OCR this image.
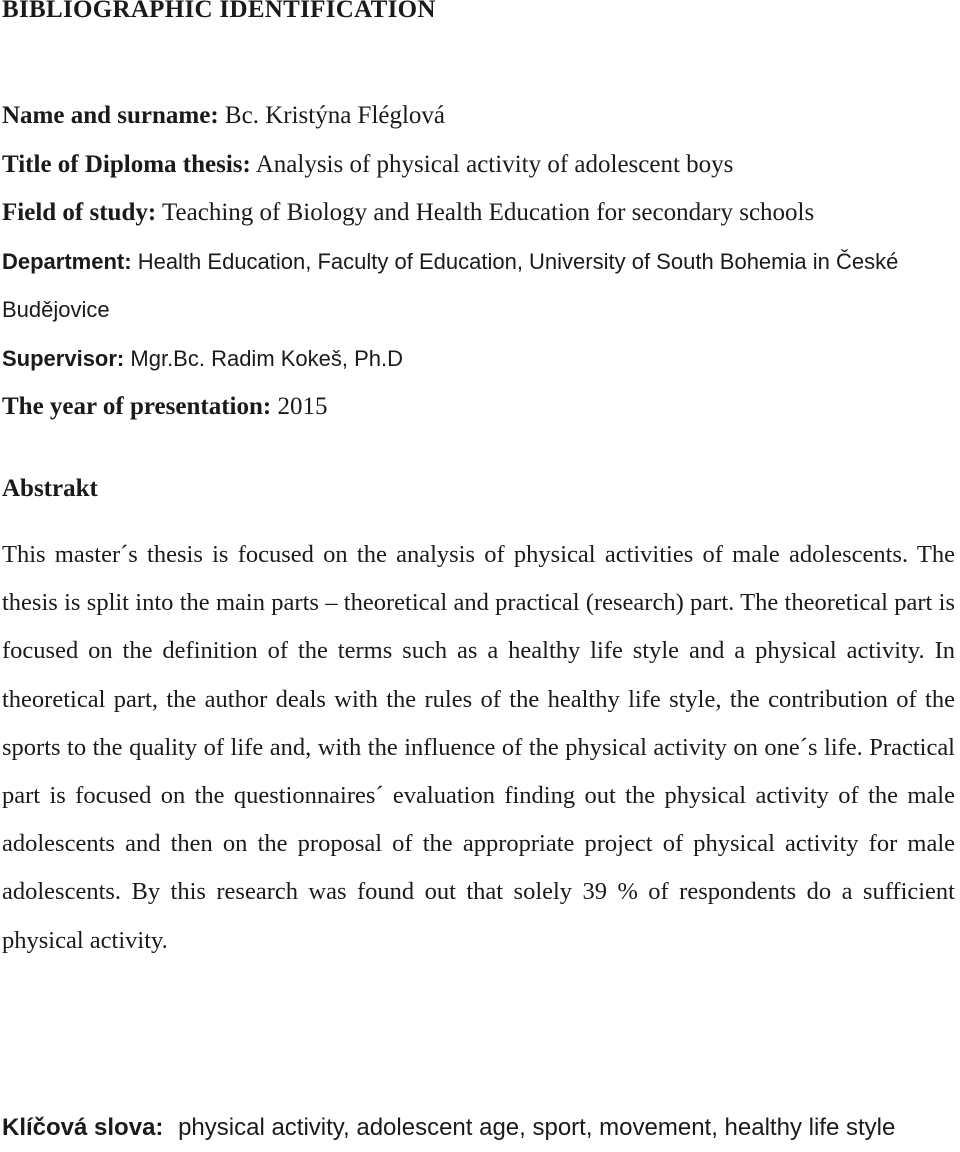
BIBLIOGRAPHIC IDENTIFICATION
Name and surname: Bc. Kristýna Fléglová
Title of Diploma thesis: Analysis of physical activity of adolescent boys
Field of study: Teaching of Biology and Health Education for secondary schools
Department: Health Education, Faculty of Education, University of South Bohemia in České Budějovice
Supervisor: Mgr.Bc. Radim Kokeš, Ph.D
The year of presentation: 2015
Abstrakt
This master´s thesis is focused on the analysis of physical activities of male adolescents. The thesis is split into the main parts – theoretical and practical (research) part. The theoretical part is focused on the definition of the terms such as a healthy life style and a physical activity. In theoretical part, the author deals with the rules of the healthy life style, the contribution of the sports to the quality of life and, with the influence of the physical activity on one´s life. Practical part is focused on the questionnaires´ evaluation finding out the physical activity of the male adolescents and then on the proposal of the appropriate project of physical activity for male adolescents. By this research was found out that solely 39 % of respondents do a sufficient physical activity.
Klíčová slova: physical activity, adolescent age, sport, movement, healthy life style
